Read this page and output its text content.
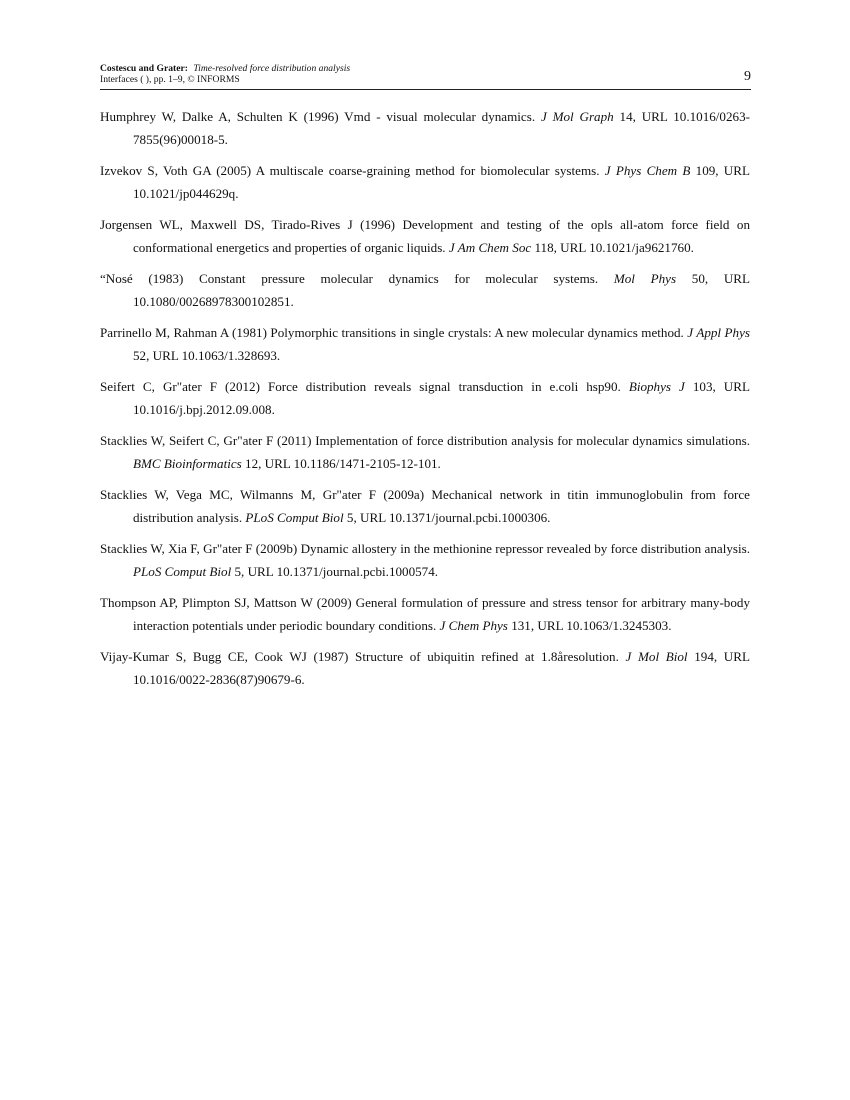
Costescu and Grater: Time-resolved force distribution analysis
Interfaces ( ), pp. 1–9, © INFORMS	9

Humphrey W, Dalke A, Schulten K (1996) Vmd - visual molecular dynamics. J Mol Graph 14, URL 10.1016/0263-7855(96)00018-5.

Izvekov S, Voth GA (2005) A multiscale coarse-graining method for biomolecular systems. J Phys Chem B 109, URL 10.1021/jp044629q.

Jorgensen WL, Maxwell DS, Tirado-Rives J (1996) Development and testing of the opls all-atom force field on conformational energetics and properties of organic liquids. J Am Chem Soc 118, URL 10.1021/ja9621760.

“Nosé (1983) Constant pressure molecular dynamics for molecular systems. Mol Phys 50, URL 10.1080/00268978300102851.

Parrinello M, Rahman A (1981) Polymorphic transitions in single crystals: A new molecular dynamics method. J Appl Phys 52, URL 10.1063/1.328693.

Seifert C, Gr"ater F (2012) Force distribution reveals signal transduction in e.coli hsp90. Biophys J 103, URL 10.1016/j.bpj.2012.09.008.

Stacklies W, Seifert C, Gr"ater F (2011) Implementation of force distribution analysis for molecular dynamics simulations. BMC Bioinformatics 12, URL 10.1186/1471-2105-12-101.

Stacklies W, Vega MC, Wilmanns M, Gr"ater F (2009a) Mechanical network in titin immunoglobulin from force distribution analysis. PLoS Comput Biol 5, URL 10.1371/journal.pcbi.1000306.

Stacklies W, Xia F, Gr"ater F (2009b) Dynamic allostery in the methionine repressor revealed by force distribution analysis. PLoS Comput Biol 5, URL 10.1371/journal.pcbi.1000574.

Thompson AP, Plimpton SJ, Mattson W (2009) General formulation of pressure and stress tensor for arbitrary many-body interaction potentials under periodic boundary conditions. J Chem Phys 131, URL 10.1063/1.3245303.

Vijay-Kumar S, Bugg CE, Cook WJ (1987) Structure of ubiquitin refined at 1.8åresolution. J Mol Biol 194, URL 10.1016/0022-2836(87)90679-6.
